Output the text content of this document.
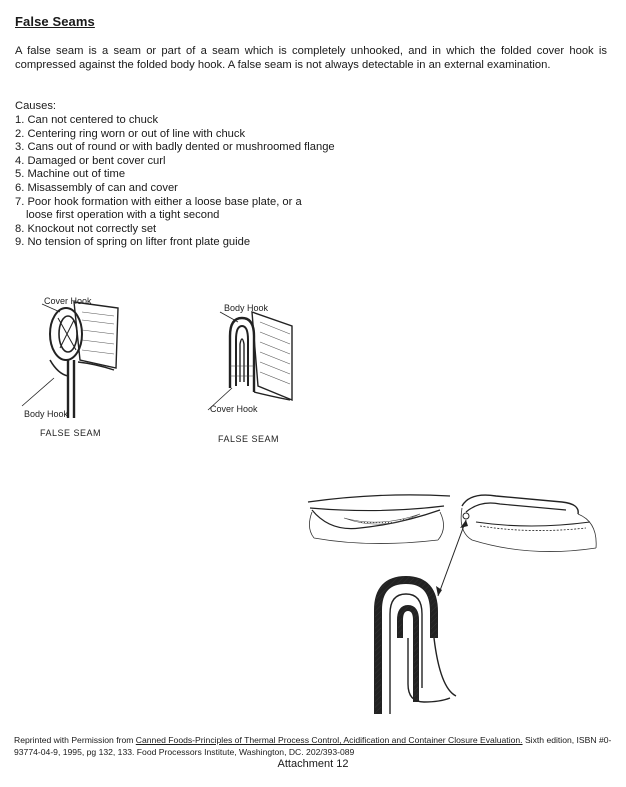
False Seams
A false seam is a seam or part of a seam which is completely unhooked, and in which the folded cover hook is compressed against the folded body hook. A false seam is not always detectable in an external examination.
Causes:
1. Can not centered to chuck
2. Centering ring worn or out of line with chuck
3. Cans out of round or with badly dented or mushroomed flange
4. Damaged or bent cover curl
5. Machine out of time
6. Misassembly of can and cover
7. Poor hook formation with either a loose base plate, or a
loose first operation with a tight second
8. Knockout not correctly set
9. No tension of spring on lifter front plate guide
Cover Hook
Body Hook
FALSE SEAM
Body Hook
Cover Hook
FALSE SEAM
Reprinted with Permission from Canned Foods-Principles of Thermal Process Control, Acidification and Container Closure Evaluation. Sixth edition, ISBN #0-93774-04-9, 1995, pg 132, 133. Food Processors Institute, Washington, DC. 202/393-089
Attachment 12
